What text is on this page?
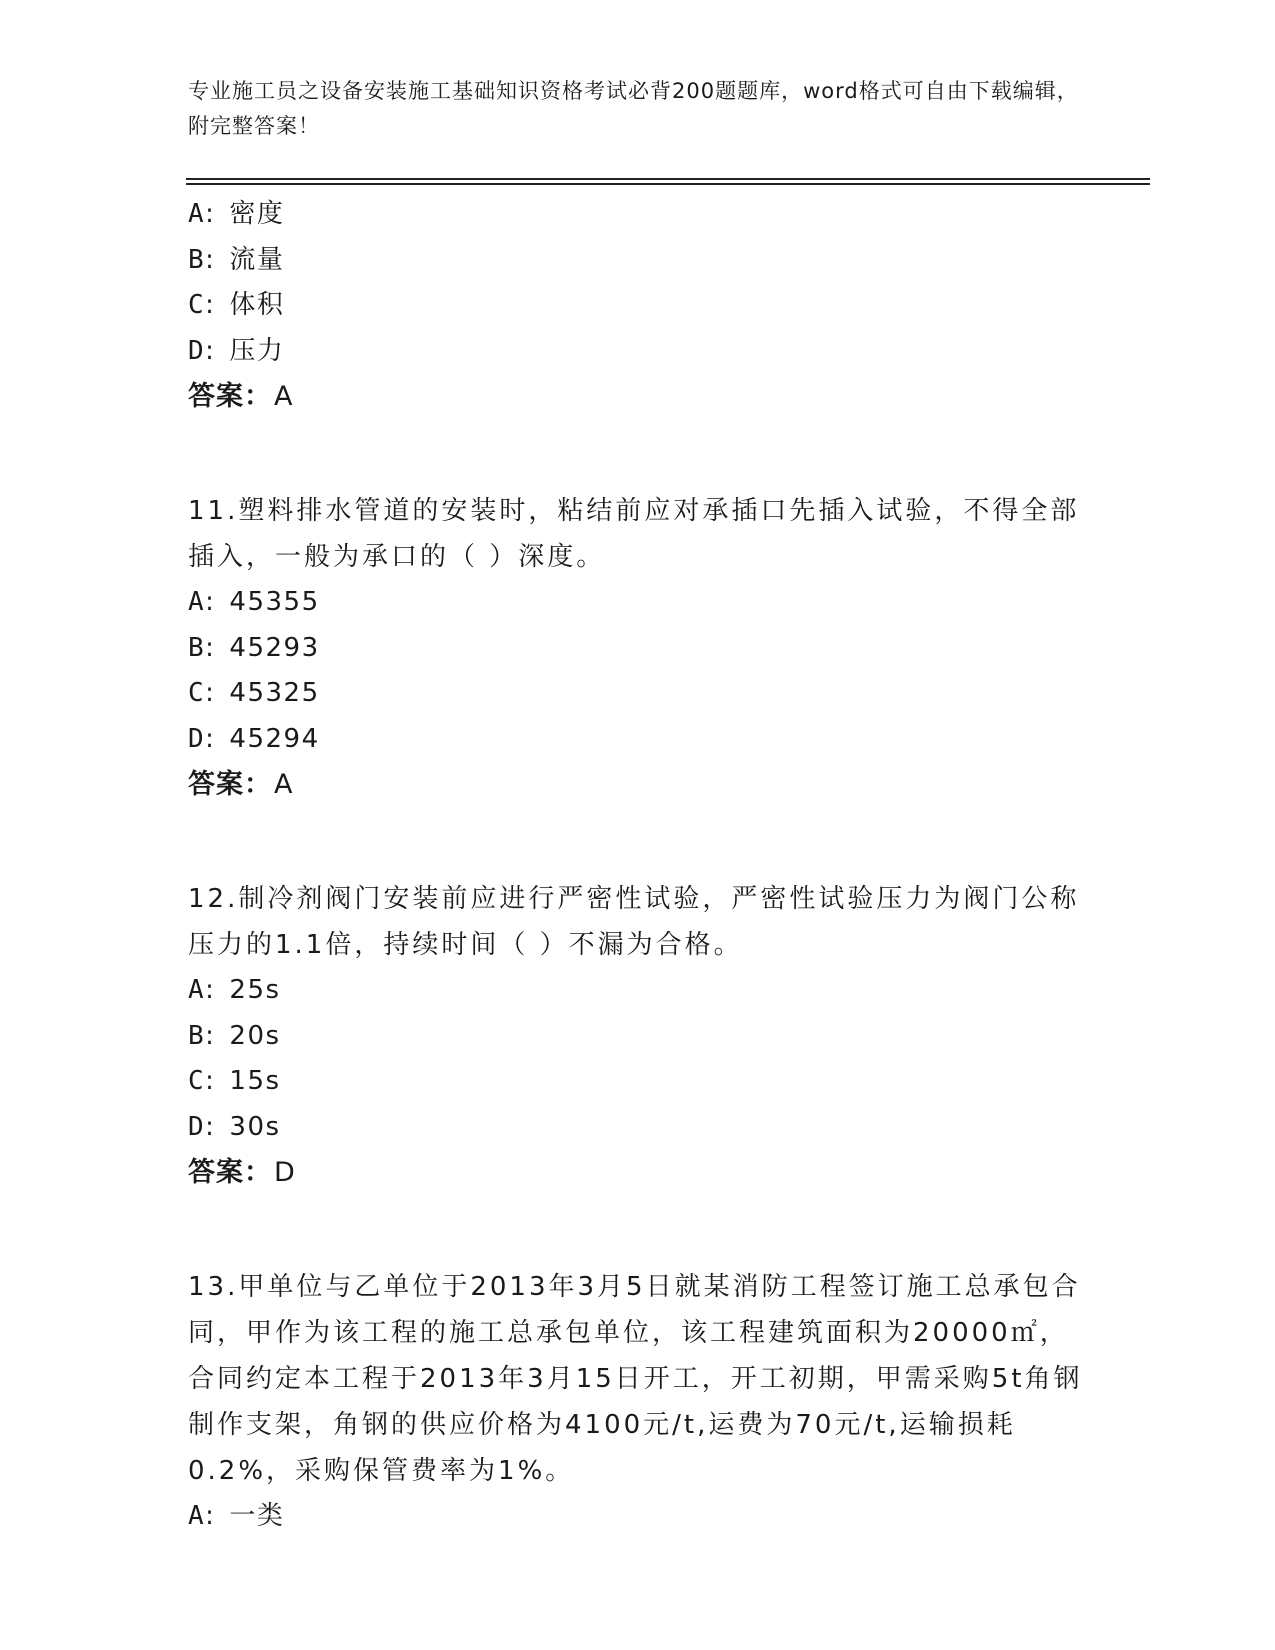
专业施工员之设备安装施工基础知识资格考试必背200题题库，word格式可自由下载编辑，附完整答案！
A: 密度
B: 流量
C: 体积
D: 压力
答案：A
11.塑料排水管道的安装时，粘结前应对承插口先插入试验，不得全部插入，一般为承口的（ ）深度。
A: 45355
B: 45293
C: 45325
D: 45294
答案：A
12.制冷剂阀门安装前应进行严密性试验，严密性试验压力为阀门公称压力的1.1倍，持续时间（ ）不漏为合格。
A: 25s
B: 20s
C: 15s
D: 30s
答案：D
13.甲单位与乙单位于2013年3月5日就某消防工程签订施工总承包合同，甲作为该工程的施工总承包单位，该工程建筑面积为20000㎡，合同约定本工程于2013年3月15日开工，开工初期，甲需采购5t角钢制作支架，角钢的供应价格为4100元/t,运费为70元/t,运输损耗0.2%，采购保管费率为1%。
A: 一类
